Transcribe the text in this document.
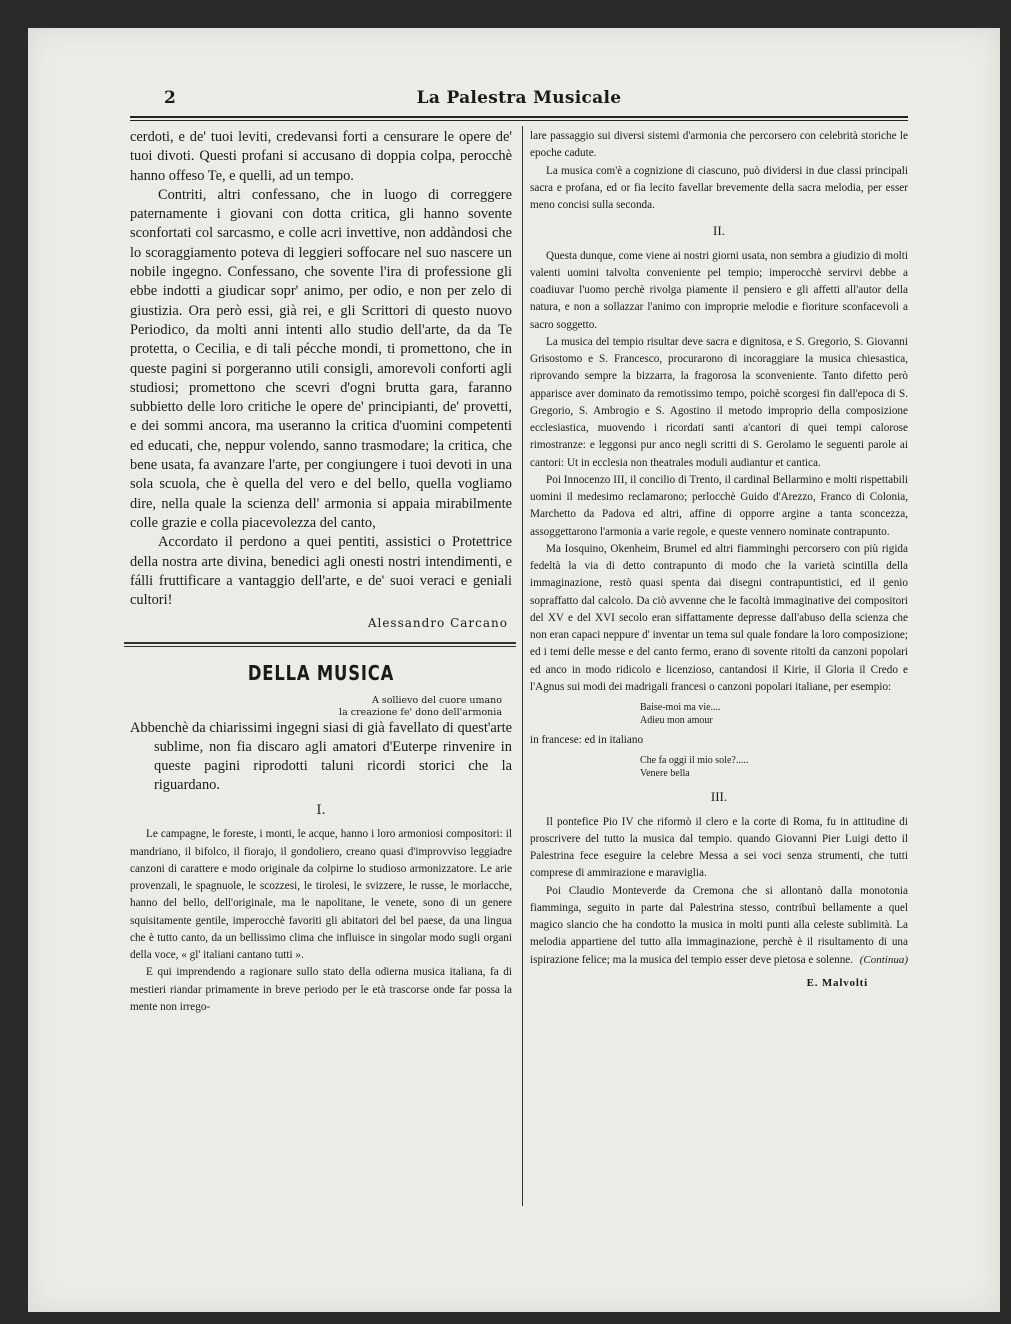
2	La Palestra Musicale

cerdoti, e de' tuoi leviti, credevansi forti a censurare le opere de' tuoi divoti. Questi profani si accusano di doppia colpa, perocchè hanno offeso Te, e quelli, ad un tempo.

Contriti, altri confessano, che in luogo di correggere paternamente i giovani con dotta critica, gli hanno sovente sconfortati col sarcasmo, e colle acri invettive, non addàndosi che lo scoraggiamento poteva di leggieri soffocare nel suo nascere un nobile ingegno. Confessano, che sovente l'ira di professione gli ebbe indotti a giudicar sopr' animo, per odio, e non per zelo di giustizia. Ora però essi, già rei, e gli Scrittori di questo nuovo Periodico, da molti anni intenti allo studio dell'arte, da da Te protetta, o Cecilia, e di tali pécche mondi, ti promettono, che in queste pagini si porgeranno utili consigli, amorevoli conforti agli studiosi; promettono che scevri d'ogni brutta gara, faranno subbietto delle loro critiche le opere de' principianti, de' provetti, e dei sommi ancora, ma useranno la critica d'uomini competenti ed educati, che, neppur volendo, sanno trasmodare; la critica, che bene usata, fa avanzare l'arte, per congiungere i tuoi devoti in una sola scuola, che è quella del vero e del bello, quella vogliamo dire, nella quale la scienza dell' armonia si appaia mirabilmente colle grazie e colla piacevolezza del canto,

Accordato il perdono a quei pentiti, assistici o Protettrice della nostra arte divina, benedici agli onesti nostri intendimenti, e fálli fruttificare a vantaggio dell'arte, e de' suoi veraci e geniali cultori!

Alessandro Carcano
DELLA MUSICA
A sollievo del cuore umano
la creazione fe' dono dell'armonia

Abbenchè da chiarissimi ingegni siasi di già favellato di quest'arte sublime, non fia discaro agli amatori d'Euterpe rinvenire in queste pagini riprodotti taluni ricordi storici che la riguardano.

I.

Le campagne, le foreste, i monti, le acque, hanno i loro armoniosi compositori: il mandriano, il bifolco, il fiorajo, il gondoliero, creano quasi d'improvviso leggiadre canzoni di carattere e modo originale da colpirne lo studioso armonizzatore. Le arie provenzali, le spagnuole, le scozzesi, le tirolesi, le svizzere, le russe, le morlacche, hanno del bello, dell'originale, ma le napolitane, le venete, sono di un genere squisitamente gentile, imperocchè favoriti gli abitatori del bel paese, da una lingua che è tutto canto, da un bellissimo clima che influisce in singolar modo sugli organi della voce, « gl' italiani cantano tutti ».

E qui imprendendo a ragionare sullo stato della odierna musica italiana, fa di mestieri riandar primamente in breve periodo per le età trascorse onde far possa la mente non irrego-

lare passaggio sui diversi sistemi d'armonia che percorsero con celebrità storiche le epoche cadute.

La musica com'è a cognizione di ciascuno, può dividersi in due classi principali sacra e profana, ed or fia lecito favellar brevemente della sacra melodia, per esser meno concisi sulla seconda.

II.

Questa dunque, come viene ai nostri giorni usata, non sembra a giudizio di molti valenti uomini talvolta conveniente pel tempio; imperocchè servirvi debbe a coadiuvar l'uomo perchè rivolga piamente il pensiero e gli affetti all'autor della natura, e non a sollazzar l'animo con improprie melodie e fioriture sconfacevoli a sacro soggetto.

La musica del tempio risultar deve sacra e dignitosa, e S. Gregorio, S. Giovanni Grisostomo e S. Francesco, procurarono di incoraggiare la musica chiesastica, riprovando sempre la bizzarra, la fragorosa la sconveniente. Tanto difetto però apparisce aver dominato da remotissimo tempo, poichè scorgesi fin dall'epoca di S. Gregorio, S. Ambrogio e S. Agostino il metodo improprio della composizione ecclesiastica, muovendo i ricordati santi a'cantori di quei tempi calorose rimostranze: e leggonsi pur anco negli scritti di S. Gerolamo le seguenti parole ai cantori: Ut in ecclesia non theatrales moduli audiantur et cantica.

Poi Innocenzo III, il concilio di Trento, il cardinal Bellarmino e molti rispettabili uomini il medesimo reclamarono; perlocchè Guido d'Arezzo, Franco di Colonia, Marchetto da Padova ed altri, affine di opporre argine a tanta sconcezza, assoggettarono l'armonia a varie regole, e queste vennero nominate contrapunto.

Ma Iosquino, Okenheim, Brumel ed altri fiamminghi percorsero con più rigida fedeltà la via di detto contrapunto di modo che la varietà scintilla della immaginazione, restò quasi spenta dai disegni contrapuntistici, ed il genio sopraffatto dal calcolo. Da ciò avvenne che le facoltà immaginative dei compositori del XV e del XVI secolo eran siffattamente depresse dall'abuso della scienza che non eran capaci neppure d' inventar un tema sul quale fondare la loro composizione; ed i temi delle messe e del canto fermo, erano di sovente ritolti da canzoni popolari ed anco in modo ridicolo e licenzioso, cantandosi il Kirie, il Gloria il Credo e l'Agnus sui modi dei madrigali francesi o canzoni popolari italiane, per esempio:

Baise-moi ma vie....
Adieu mon amour

in francese: ed in italiano

Che fa oggi il mio sole?.....
Venere bella
III.

Il pontefice Pio IV che riformò il clero e la corte di Roma, fu in attitudine di proscrivere del tutto la musica dal tempio. quando Giovanni Pier Luigi detto il Palestrina fece eseguire la celebre Messa a sei voci senza strumenti, che tutti comprese di ammirazione e maraviglia.

Poi Claudio Monteverde da Cremona che si allontanò dalla monotonia fiamminga, seguito in parte dal Palestrina stesso, contribuì bellamente a quel magico slancio che ha condotto la musica in molti punti alla celeste sublimità. La melodia appartiene del tutto alla immaginazione, perchè è il risultamento di una ispirazione felice; ma la musica del tempio esser deve pietosa e solenne. (Continua)
E. Malvolti
